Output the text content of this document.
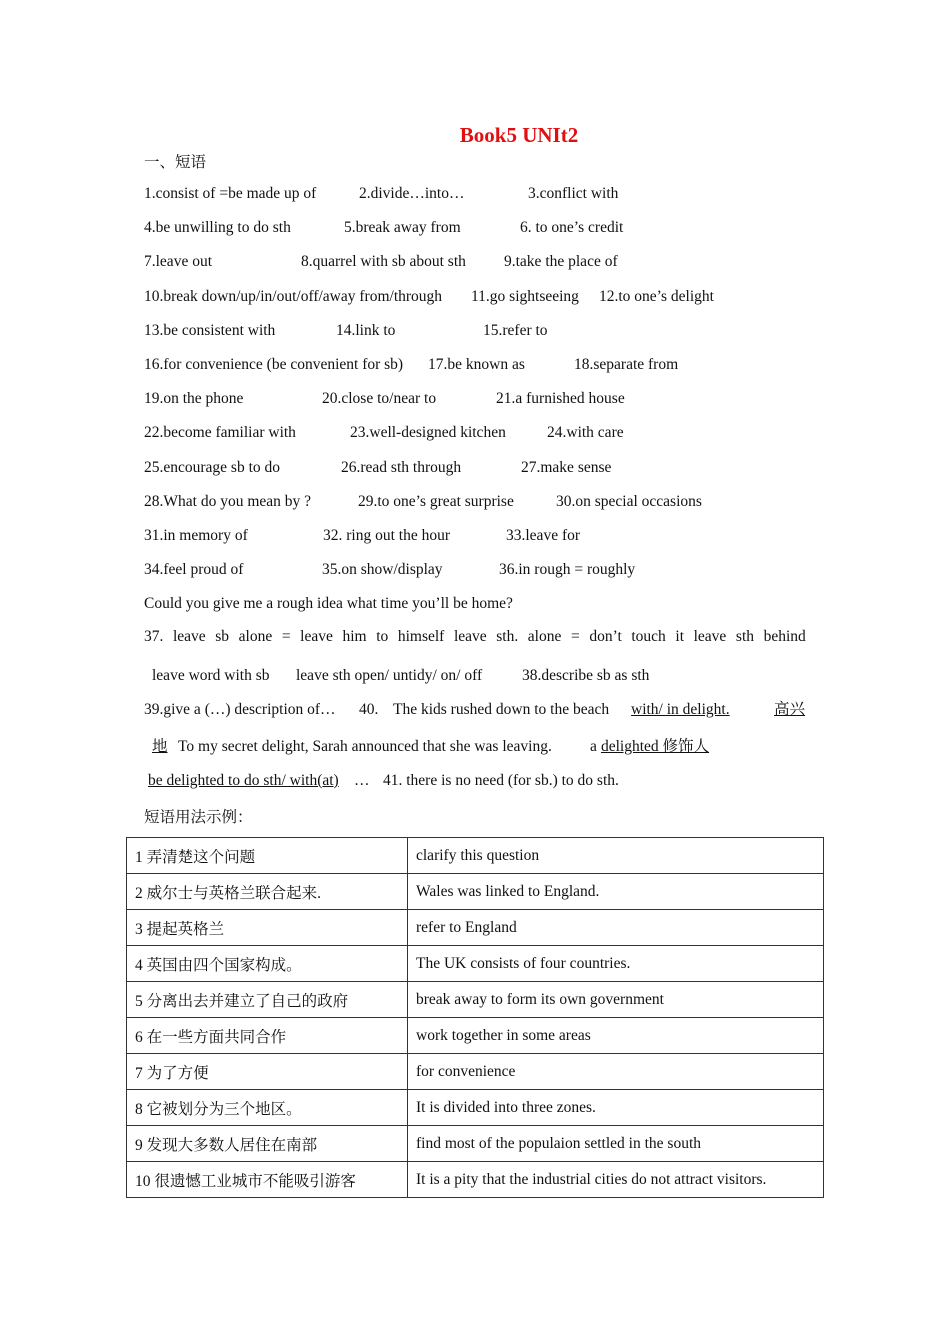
Book5 UNIt2
一、短语
1.consist of =be made up of	2.divide…into…	3.conflict with
4.be unwilling to do sth	5.break away from	6. to one’s credit
7.leave out	8.quarrel with sb about sth 9.take the place of
10.break down/up/in/out/off/away from/through 11.go sightseeing 12.to one’s delight
13.be consistent with	14.link to	15.refer to
16.for convenience (be convenient for sb) 17.be known as	18.separate from
19.on the phone	20.close to/near to	21.a furnished house
22.become familiar with	23.well-designed kitchen	24.with care
25.encourage sb to do	26.read sth through	27.make sense
28.What do you mean by ?	29.to one’s great surprise	30.on special occasions
31.in memory of	32. ring out the hour	33.leave for
34.feel proud of	35.on show/display	36.in rough = roughly
Could you give me a rough idea what time you’ll be home?
37. leave sb alone = leave him to himself leave sth. alone = don’t touch it leave sth behind
leave word with sb leave sth open/ untidy/ on/ off	38.describe sb as sth
39.give a (…) description of… 40. The kids rushed down to the beach with/ in delight.	高兴
地 To my secret delight, Sarah announced that she was leaving. a delighted 修饰人
be delighted to do sth/ with(at) … 41. there is no need (for sb.) to do sth.
短语用法示例：
1 弄清楚这个问题	clarify this question
2 威尔士与英格兰联合起来.	Wales was linked to England.
3 提起英格兰	refer to England
4 英国由四个国家构成。	The UK consists of four countries.
5 分离出去并建立了自己的政府	break away to form its own government
6 在一些方面共同合作	work together in some areas
7 为了方便	for convenience
8 它被划分为三个地区。	It is divided into three zones.
9 发现大多数人居住在南部	find most of the populaion settled in the south
10 很遗憾工业城市不能吸引游客	It is a pity that the industrial cities do not attract visitors.
